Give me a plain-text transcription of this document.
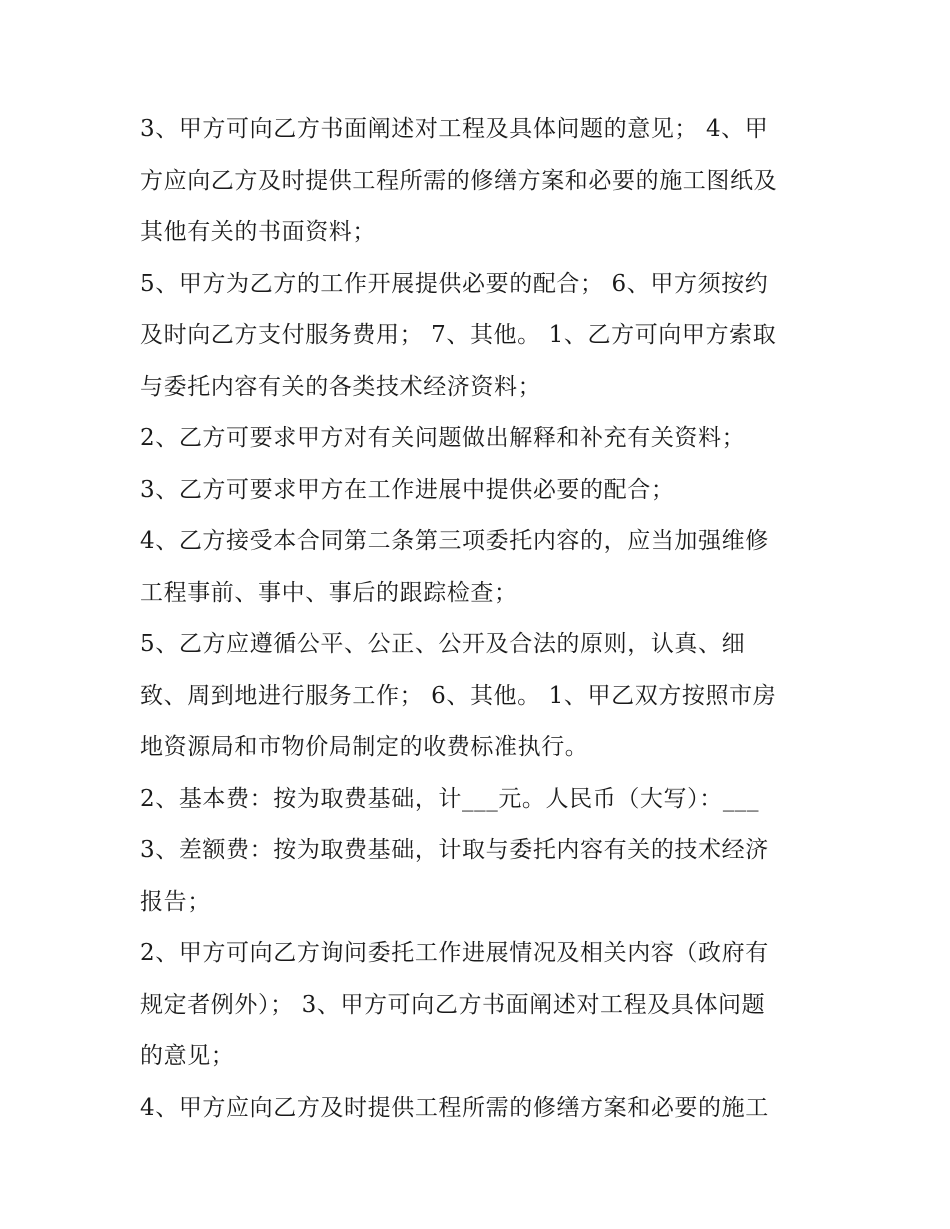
3、甲方可向乙方书面阐述对工程及具体问题的意见； 4、甲
方应向乙方及时提供工程所需的修缮方案和必要的施工图纸及
其他有关的书面资料；
5、甲方为乙方的工作开展提供必要的配合； 6、甲方须按约
及时向乙方支付服务费用； 7、其他。 1、乙方可向甲方索取
与委托内容有关的各类技术经济资料；
2、乙方可要求甲方对有关问题做出解释和补充有关资料；
3、乙方可要求甲方在工作进展中提供必要的配合；
4、乙方接受本合同第二条第三项委托内容的，应当加强维修
工程事前、事中、事后的跟踪检查；
5、乙方应遵循公平、公正、公开及合法的原则，认真、细
致、周到地进行服务工作； 6、其他。 1、甲乙双方按照市房
地资源局和市物价局制定的收费标准执行。
2、基本费：按为取费基础，计___元。人民币（大写）：___
3、差额费：按为取费基础，计取与委托内容有关的技术经济
报告；
2、甲方可向乙方询问委托工作进展情况及相关内容（政府有
规定者例外）； 3、甲方可向乙方书面阐述对工程及具体问题
的意见；
4、甲方应向乙方及时提供工程所需的修缮方案和必要的施工
